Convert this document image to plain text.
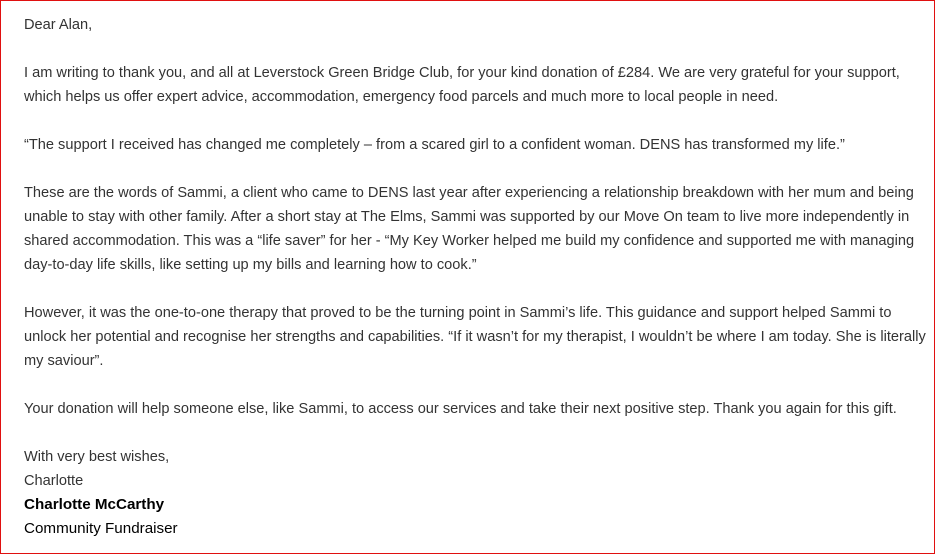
Dear Alan,

I am writing to thank you, and all at Leverstock Green Bridge Club, for your kind donation of £284. We are very grateful for your support, which helps us offer expert advice, accommodation, emergency food parcels and much more to local people in need.

“The support I received has changed me completely – from a scared girl to a confident woman. DENS has transformed my life.”

These are the words of Sammi, a client who came to DENS last year after experiencing a relationship breakdown with her mum and being unable to stay with other family. After a short stay at The Elms, Sammi was supported by our Move On team to live more independently in shared accommodation. This was a “life saver” for her - “My Key Worker helped me build my confidence and supported me with managing day-to-day life skills, like setting up my bills and learning how to cook.”

However, it was the one-to-one therapy that proved to be the turning point in Sammi’s life. This guidance and support helped Sammi to unlock her potential and recognise her strengths and capabilities. “If it wasn’t for my therapist, I wouldn’t be where I am today. She is literally my saviour”.

Your donation will help someone else, like Sammi, to access our services and take their next positive step. Thank you again for this gift.

With very best wishes,

Charlotte

Charlotte McCarthy

Community Fundraiser
